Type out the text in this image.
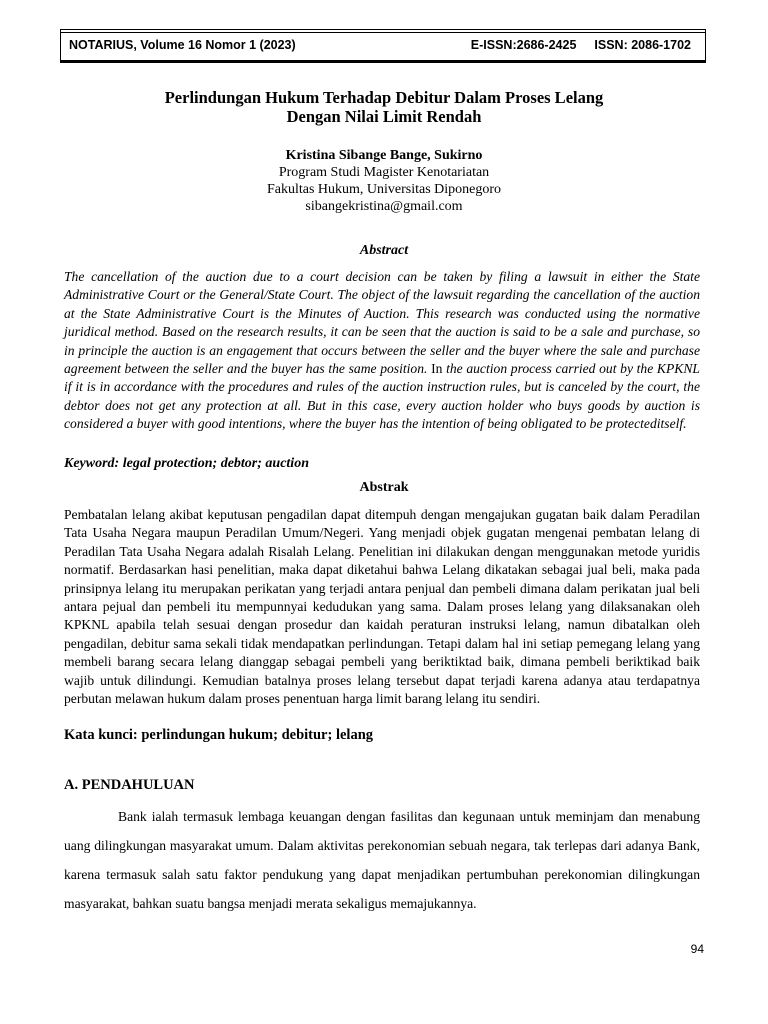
NOTARIUS, Volume 16 Nomor 1 (2023)	E-ISSN:2686-2425 ISSN: 2086-1702
Perlindungan Hukum Terhadap Debitur Dalam Proses Lelang
Dengan Nilai Limit Rendah
Kristina Sibange Bange, Sukirno
Program Studi Magister Kenotariatan
Fakultas Hukum, Universitas Diponegoro
sibangekristina@gmail.com
Abstract
The cancellation of the auction due to a court decision can be taken by filing a lawsuit in either the State Administrative Court or the General/State Court. The object of the lawsuit regarding the cancellation of the auction at the State Administrative Court is the Minutes of Auction. This research was conducted using the normative juridical method. Based on the research results, it can be seen that the auction is said to be a sale and purchase, so in principle the auction is an engagement that occurs between the seller and the buyer where the sale and purchase agreement between the seller and the buyer has the same position. In the auction process carried out by the KPKNL if it is in accordance with the procedures and rules of the auction instruction rules, but is canceled by the court, the debtor does not get any protection at all. But in this case, every auction holder who buys goods by auction is considered a buyer with good intentions, where the buyer has the intention of being obligated to be protecteditself.
Keyword: legal protection; debtor; auction
Abstrak
Pembatalan lelang akibat keputusan pengadilan dapat ditempuh dengan mengajukan gugatan baik dalam Peradilan Tata Usaha Negara maupun Peradilan Umum/Negeri. Yang menjadi objek gugatan mengenai pembatan lelang di Peradilan Tata Usaha Negara adalah Risalah Lelang. Penelitian ini dilakukan dengan menggunakan metode yuridis normatif. Berdasarkan hasi penelitian, maka dapat diketahui bahwa Lelang dikatakan sebagai jual beli, maka pada prinsipnya lelang itu merupakan perikatan yang terjadi antara penjual dan pembeli dimana dalam perikatan jual beli antara pejual dan pembeli itu mempunnyai kedudukan yang sama. Dalam proses lelang yang dilaksanakan oleh KPKNL apabila telah sesuai dengan prosedur dan kaidah peraturan instruksi lelang, namun dibatalkan oleh pengadilan, debitur sama sekali tidak mendapatkan perlindungan. Tetapi dalam hal ini setiap pemegang lelang yang membeli barang secara lelang dianggap sebagai pembeli yang beriktiktad baik, dimana pembeli beriktikad baik wajib untuk dilindungi. Kemudian batalnya proses lelang tersebut dapat terjadi karena adanya atau terdapatnya perbutan melawan hukum dalam proses penentuan harga limit barang lelang itu sendiri.
Kata kunci: perlindungan hukum; debitur; lelang
A. PENDAHULUAN
Bank ialah termasuk lembaga keuangan dengan fasilitas dan kegunaan untuk meminjam dan menabung uang dilingkungan masyarakat umum. Dalam aktivitas perekonomian sebuah negara, tak terlepas dari adanya Bank, karena termasuk salah satu faktor pendukung yang dapat menjadikan pertumbuhan perekonomian dilingkungan masyarakat, bahkan suatu bangsa menjadi merata sekaligus memajukannya.
94
